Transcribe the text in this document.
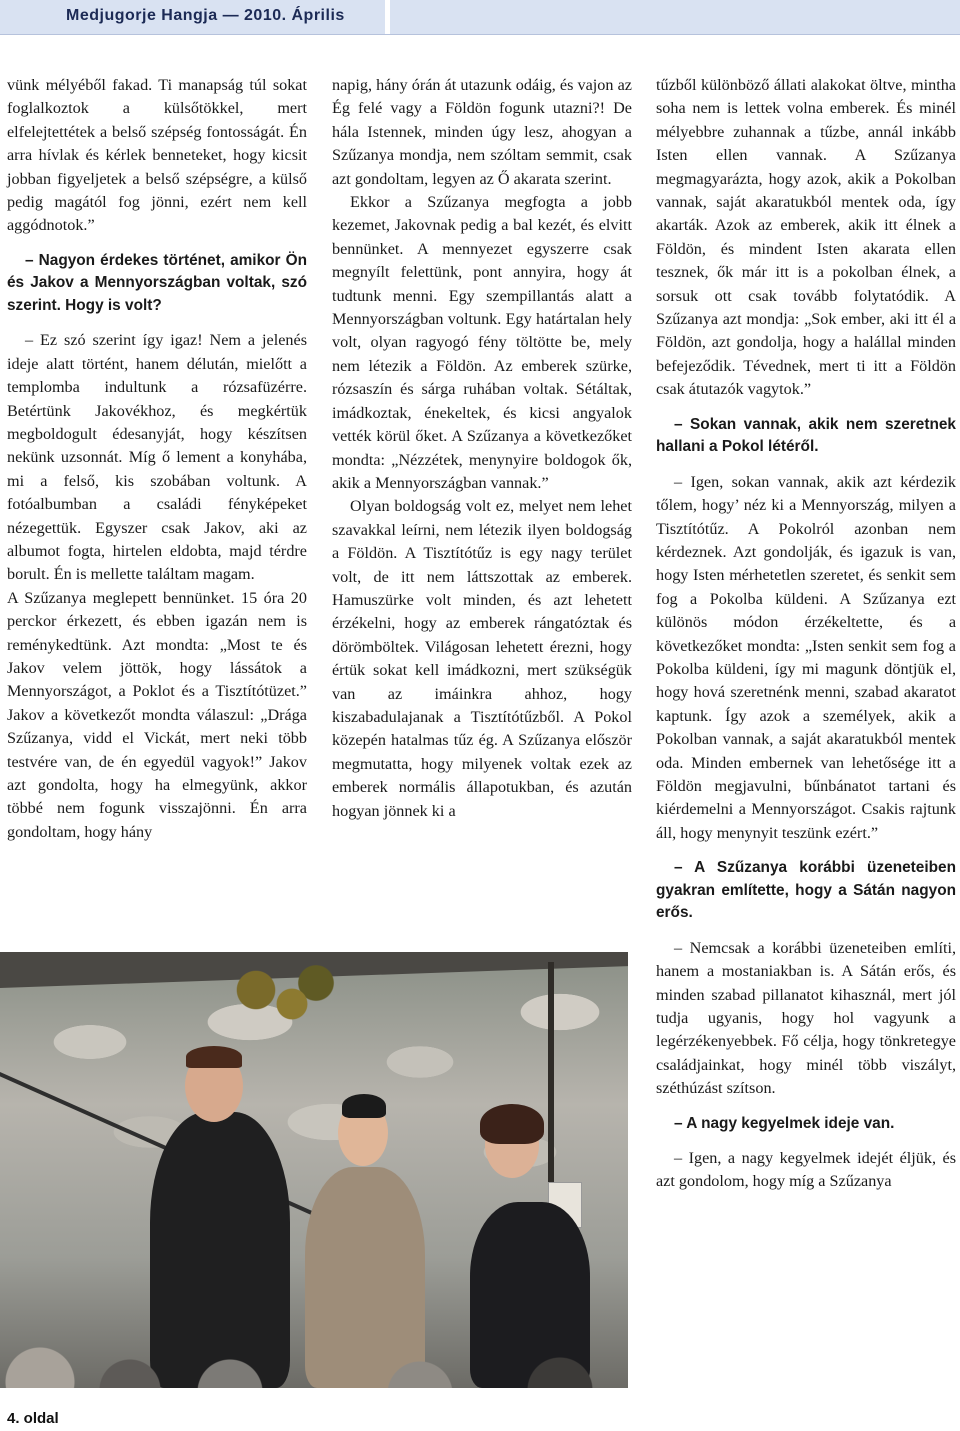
Medjugorje Hangja — 2010. Április

vünk mélyéből fakad. Ti manapság túl sokat foglalkoztok a külsőtökkel, mert elfelejtettétek a belső szépség fontosságát. Én arra hívlak és kérlek benneteket, hogy kicsit jobban figyeljetek a belső szépségre, a külső pedig magától fog jönni, ezért nem kell aggódnotok.”

– Nagyon érdekes történet, amikor Ön és Jakov a Mennyországban voltak, szó szerint. Hogy is volt?

– Ez szó szerint így igaz! Nem a jelenés ideje alatt történt, hanem délután, mielőtt a templomba indultunk a rózsafüzérre. Betértünk Jakovékhoz, és megkértük megboldogult édesanyját, hogy készítsen nekünk uzsonnát. Míg ő lement a konyhába, mi a felső, kis szobában voltunk. A fotóalbumban a családi fényképeket nézegettük. Egyszer csak Jakov, aki az albumot fogta, hirtelen eldobta, majd térdre borult. Én is mellette találtam magam.

A Szűzanya meglepett bennünket. 15 óra 20 perckor érkezett, és ebben igazán nem is reménykedtünk. Azt mondta: „Most te és Jakov velem jöttök, hogy lássátok a Mennyországot, a Poklot és a Tisztítótüzet.” Jakov a következőt mondta válaszul: „Drága Szűzanya, vidd el Vickát, mert neki több testvére van, de én egyedül vagyok!” Jakov azt gondolta, hogy ha elmegyünk, akkor többé nem fogunk visszajönni. Én arra gondoltam, hogy hány

napig, hány órán át utazunk odáig, és vajon az Ég felé vagy a Földön fogunk utazni?! De hála Istennek, minden úgy lesz, ahogyan a Szűzanya mondja, nem szóltam semmit, csak azt gondoltam, legyen az Ő akarata szerint.

Ekkor a Szűzanya megfogta a jobb kezemet, Jakovnak pedig a bal kezét, és elvitt bennünket. A mennyezet egyszerre csak megnyílt felettünk, pont annyira, hogy át tudtunk menni. Egy szempillantás alatt a Mennyországban voltunk. Egy határtalan hely volt, olyan ragyogó fény töltötte be, mely nem létezik a Földön. Az emberek szürke, rózsaszín és sárga ruhában voltak. Sétáltak, imádkoztak, énekeltek, és kicsi angyalok vették körül őket. A Szűzanya a következőket mondta: „Nézzétek, menynyire boldogok ők, akik a Mennyországban vannak.”

Olyan boldogság volt ez, melyet nem lehet szavakkal leírni, nem létezik ilyen boldogság a Földön. A Tisztítótűz is egy nagy terület volt, de itt nem láttszottak az emberek. Hamuszürke volt minden, és azt lehetett érzékelni, hogy az emberek rángatóztak és dörömböltek. Világosan lehetett érezni, hogy értük sokat kell imádkozni, mert szükségük van az imáinkra ahhoz, hogy kiszabadulajanak a Tisztítótűzből. A Pokol közepén hatalmas tűz ég. A Szűzanya először megmutatta, hogy milyenek voltak ezek az emberek normális állapotukban, és azután hogyan jönnek ki a

tűzből különböző állati alakokat öltve, mintha soha nem is lettek volna emberek. És minél mélyebbre zuhannak a tűzbe, annál inkább Isten ellen vannak. A Szűzanya megmagyarázta, hogy azok, akik a Pokolban vannak, saját akaratukból mentek oda, így akarták. Azok az emberek, akik itt élnek a Földön, és mindent Isten akarata ellen tesznek, ők már itt is a pokolban élnek, a sorsuk ott csak tovább folytatódik. A Szűzanya azt mondja: „Sok ember, aki itt él a Földön, azt gondolja, hogy a halállal minden befejeződik. Tévednek, mert ti itt a Földön csak átutazók vagytok.”

– Sokan vannak, akik nem szeretnek hallani a Pokol létéről.

– Igen, sokan vannak, akik azt kérdezik tőlem, hogy’ néz ki a Mennyország, milyen a Tisztítótűz. A Pokolról azonban nem kérdeznek. Azt gondolják, és igazuk is van, hogy Isten mérhetetlen szeretet, és senkit sem fog a Pokolba küldeni. A Szűzanya ezt különös módon érzékeltette, és a következőket mondta: „Isten senkit sem fog a Pokolba küldeni, így mi magunk döntjük el, hogy hová szeretnénk menni, szabad akaratot kaptunk. Így azok a személyek, akik a Pokolban vannak, a saját akaratukból mentek oda. Minden embernek van lehetősége itt a Földön megjavulni, bűnbánatot tartani és kiérdemelni a Mennyországot. Csakis rajtunk áll, hogy menynyit teszünk ezért.”

– A Szűzanya korábbi üzeneteiben gyakran említette, hogy a Sátán nagyon erős.

– Nemcsak a korábbi üzeneteiben említi, hanem a mostaniakban is. A Sátán erős, és minden szabad pillanatot kihasznál, mert jól tudja ugyanis, hogy hol vagyunk a legérzékenyebbek. Fő célja, hogy tönkretegye családjainkat, hogy minél több viszályt, széthúzást szítson.

– A nagy kegyelmek ideje van.

– Igen, a nagy kegyelmek idejét éljük, és azt gondolom, hogy míg a Szűzanya

4. oldal
